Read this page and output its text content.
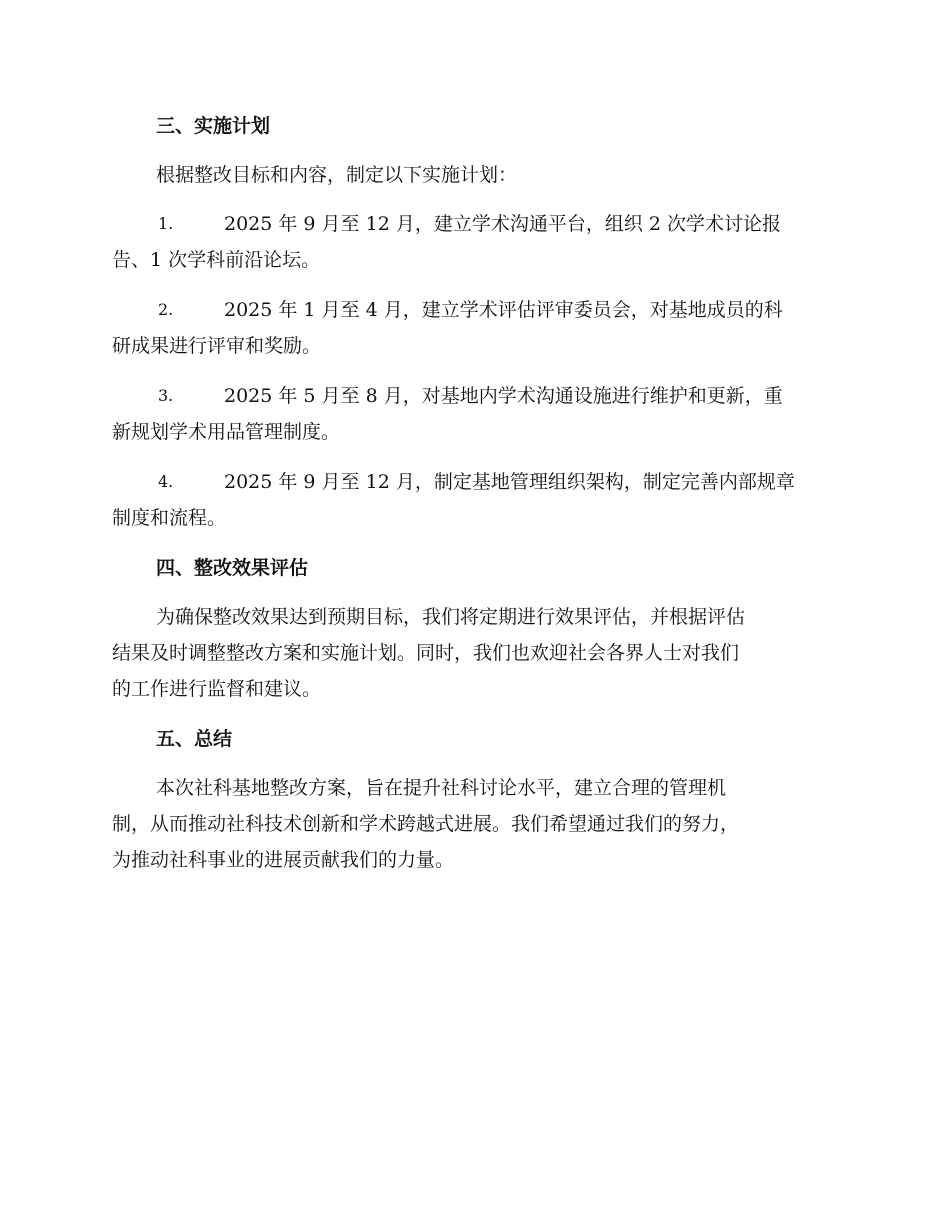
三、实施计划
根据整改目标和内容，制定以下实施计划：
1.	2025 年 9 月至 12 月，建立学术沟通平台，组织 2 次学术讨论报
告、1 次学科前沿论坛。
2.	2025 年 1 月至 4 月，建立学术评估评审委员会，对基地成员的科
研成果进行评审和奖励。
3.	2025 年 5 月至 8 月，对基地内学术沟通设施进行维护和更新，重
新规划学术用品管理制度。
4.	2025 年 9 月至 12 月，制定基地管理组织架构，制定完善内部规章
制度和流程。
四、整改效果评估
为确保整改效果达到预期目标，我们将定期进行效果评估，并根据评估
结果及时调整整改方案和实施计划。同时，我们也欢迎社会各界人士对我们
的工作进行监督和建议。
五、总结
本次社科基地整改方案，旨在提升社科讨论水平，建立合理的管理机
制，从而推动社科技术创新和学术跨越式进展。我们希望通过我们的努力，
为推动社科事业的进展贡献我们的力量。
